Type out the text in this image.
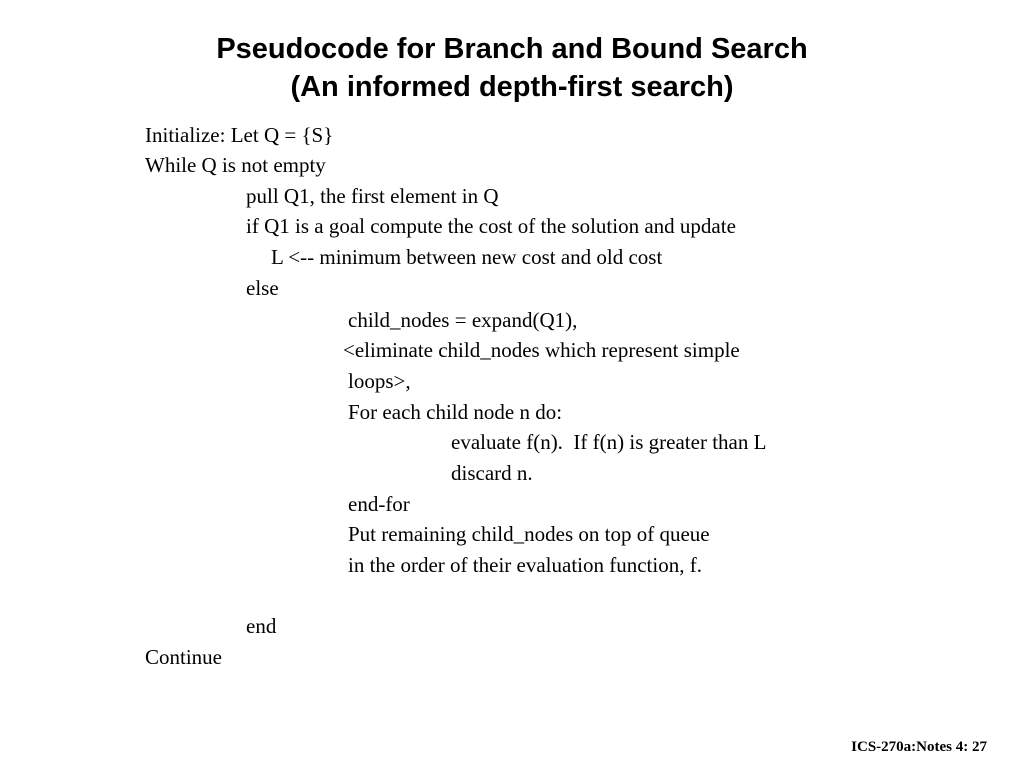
Pseudocode for Branch and Bound Search
(An informed depth-first search)
Initialize: Let Q = {S}
While Q is not empty
pull Q1, the first element in Q
if Q1 is a goal compute the cost of the solution and update
L <-- minimum between new cost and old cost
else
child_nodes = expand(Q1),
<eliminate child_nodes which represent simple
loops>,
For each child node n do:
evaluate f(n).  If f(n) is greater than L
discard n.
end-for
Put remaining child_nodes on top of queue
in the order of their evaluation function, f.
end
Continue
ICS-270a:Notes 4: 27
